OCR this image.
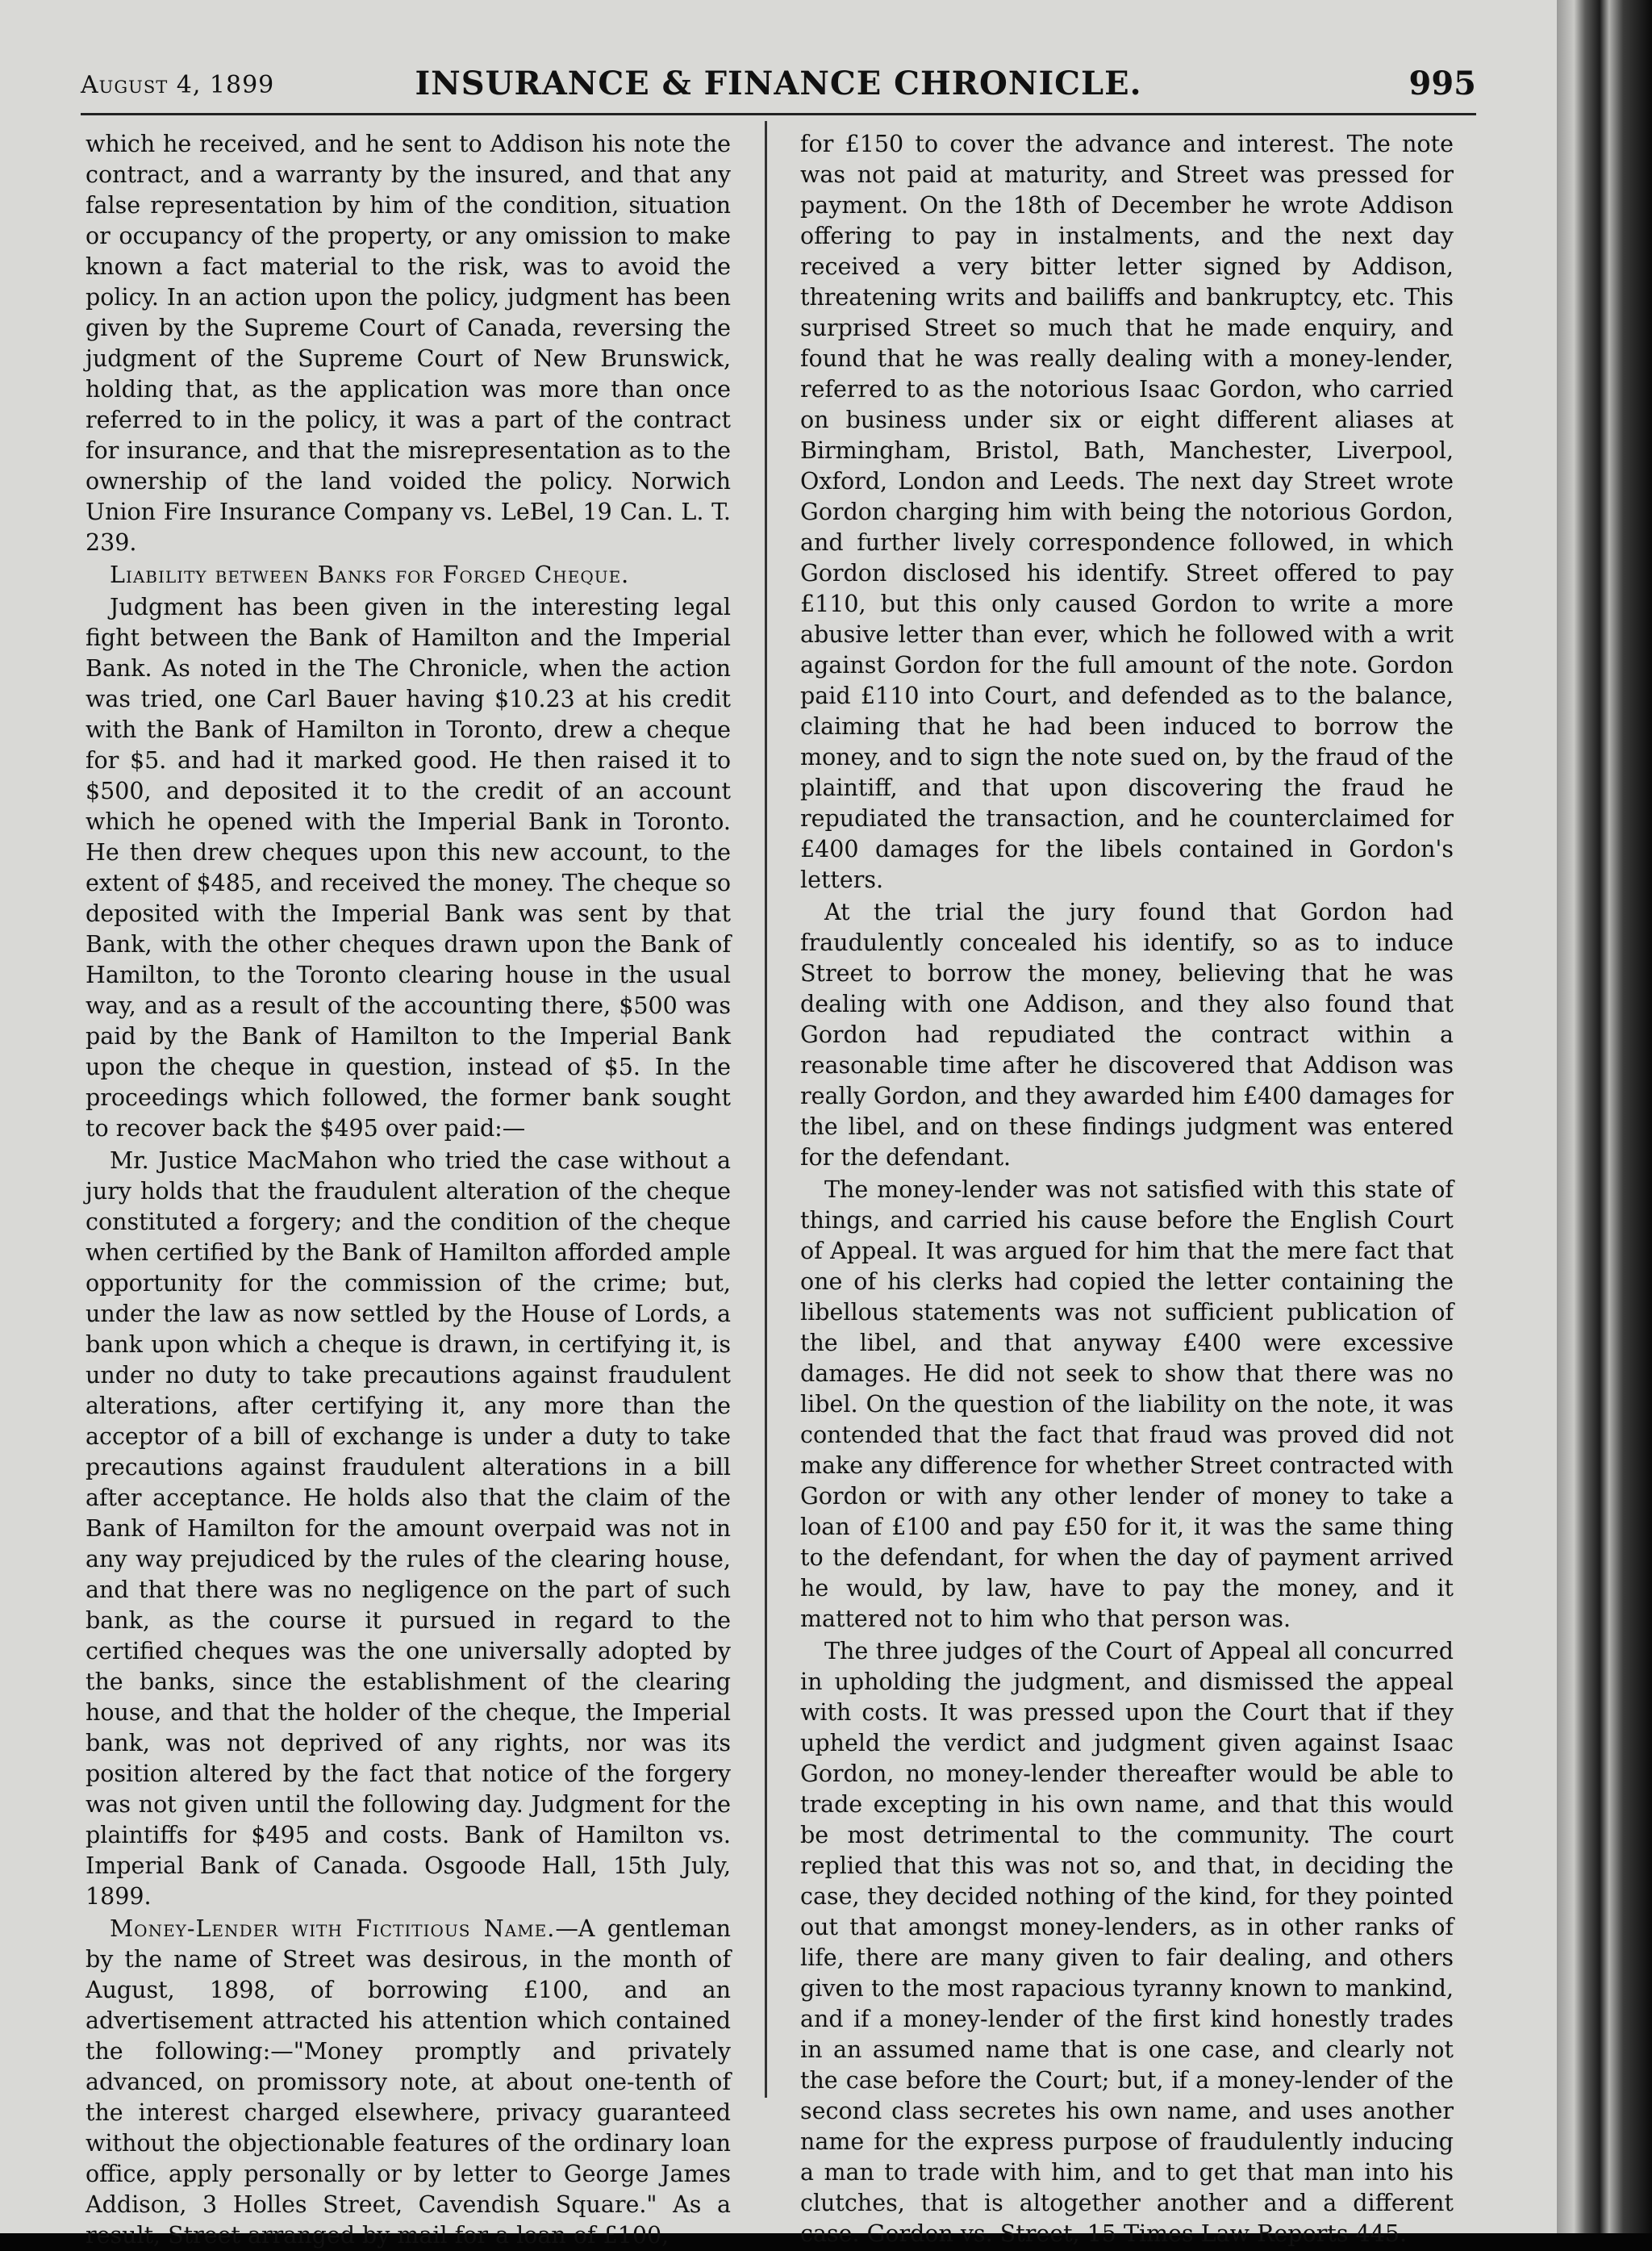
August 4, 1899	INSURANCE & FINANCE CHRONICLE.	995

which he received, and he sent to Addison his note the contract, and a warranty by the insured, and that any false representation by him of the condition, situation or occupancy of the property, or any omission to make known a fact material to the risk, was to avoid the policy. In an action upon the policy, judgment has been given by the Supreme Court of Canada, reversing the judgment of the Supreme Court of New Brunswick, holding that, as the application was more than once referred to in the policy, it was a part of the contract for insurance, and that the misrepresentation as to the ownership of the land voided the policy. Norwich Union Fire Insurance Company vs. LeBel, 19 Can. L. T. 239.

Liability between Banks for Forged Cheque.

Judgment has been given in the interesting legal fight between the Bank of Hamilton and the Imperial Bank. As noted in the The Chronicle, when the action was tried, one Carl Bauer having $10.23 at his credit with the Bank of Hamilton in Toronto, drew a cheque for $5. and had it marked good. He then raised it to $500, and deposited it to the credit of an account which he opened with the Imperial Bank in Toronto. He then drew cheques upon this new account, to the extent of $485, and received the money. The cheque so deposited with the Imperial Bank was sent by that Bank, with the other cheques drawn upon the Bank of Hamilton, to the Toronto clearing house in the usual way, and as a result of the accounting there, $500 was paid by the Bank of Hamilton to the Imperial Bank upon the cheque in question, instead of $5. In the proceedings which followed, the former bank sought to recover back the $495 over paid:—

Mr. Justice MacMahon who tried the case without a jury holds that the fraudulent alteration of the cheque constituted a forgery; and the condition of the cheque when certified by the Bank of Hamilton afforded ample opportunity for the commission of the crime; but, under the law as now settled by the House of Lords, a bank upon which a cheque is drawn, in certifying it, is under no duty to take precautions against fraudulent alterations, after certifying it, any more than the acceptor of a bill of exchange is under a duty to take precautions against fraudulent alterations in a bill after acceptance. He holds also that the claim of the Bank of Hamilton for the amount overpaid was not in any way prejudiced by the rules of the clearing house, and that there was no negligence on the part of such bank, as the course it pursued in regard to the certified cheques was the one universally adopted by the banks, since the establishment of the clearing house, and that the holder of the cheque, the Imperial bank, was not deprived of any rights, nor was its position altered by the fact that notice of the forgery was not given until the following day. Judgment for the plaintiffs for $495 and costs. Bank of Hamilton vs. Imperial Bank of Canada. Osgoode Hall, 15th July, 1899.

Money-Lender with Fictitious Name.—A gentleman by the name of Street was desirous, in the month of August, 1898, of borrowing £100, and an advertisement attracted his attention which contained the following:—"Money promptly and privately advanced, on promissory note, at about one-tenth of the interest charged elsewhere, privacy guaranteed without the objectionable features of the ordinary loan office, apply personally or by letter to George James Addison, 3 Holles Street, Cavendish Square." As a result, Street arranged by mail for a loan of £100,

for £150 to cover the advance and interest. The note was not paid at maturity, and Street was pressed for payment. On the 18th of December he wrote Addison offering to pay in instalments, and the next day received a very bitter letter signed by Addison, threatening writs and bailiffs and bankruptcy, etc. This surprised Street so much that he made enquiry, and found that he was really dealing with a money-lender, referred to as the notorious Isaac Gordon, who carried on business under six or eight different aliases at Birmingham, Bristol, Bath, Manchester, Liverpool, Oxford, London and Leeds. The next day Street wrote Gordon charging him with being the notorious Gordon, and further lively correspondence followed, in which Gordon disclosed his identify. Street offered to pay £110, but this only caused Gordon to write a more abusive letter than ever, which he followed with a writ against Gordon for the full amount of the note. Gordon paid £110 into Court, and defended as to the balance, claiming that he had been induced to borrow the money, and to sign the note sued on, by the fraud of the plaintiff, and that upon discovering the fraud he repudiated the transaction, and he counterclaimed for £400 damages for the libels contained in Gordon's letters.

At the trial the jury found that Gordon had fraudulently concealed his identify, so as to induce Street to borrow the money, believing that he was dealing with one Addison, and they also found that Gordon had repudiated the contract within a reasonable time after he discovered that Addison was really Gordon, and they awarded him £400 damages for the libel, and on these findings judgment was entered for the defendant.

The money-lender was not satisfied with this state of things, and carried his cause before the English Court of Appeal. It was argued for him that the mere fact that one of his clerks had copied the letter containing the libellous statements was not sufficient publication of the libel, and that anyway £400 were excessive damages. He did not seek to show that there was no libel. On the question of the liability on the note, it was contended that the fact that fraud was proved did not make any difference for whether Street contracted with Gordon or with any other lender of money to take a loan of £100 and pay £50 for it, it was the same thing to the defendant, for when the day of payment arrived he would, by law, have to pay the money, and it mattered not to him who that person was.

The three judges of the Court of Appeal all concurred in upholding the judgment, and dismissed the appeal with costs. It was pressed upon the Court that if they upheld the verdict and judgment given against Isaac Gordon, no money-lender thereafter would be able to trade excepting in his own name, and that this would be most detrimental to the community. The court replied that this was not so, and that, in deciding the case, they decided nothing of the kind, for they pointed out that amongst money-lenders, as in other ranks of life, there are many given to fair dealing, and others given to the most rapacious tyranny known to mankind, and if a money-lender of the first kind honestly trades in an assumed name that is one case, and clearly not the case before the Court; but, if a money-lender of the second class secretes his own name, and uses another name for the express purpose of fraudulently inducing a man to trade with him, and to get that man into his clutches, that is altogether another and a different case. Gordon vs. Street, 15 Times Law Reports 445.
